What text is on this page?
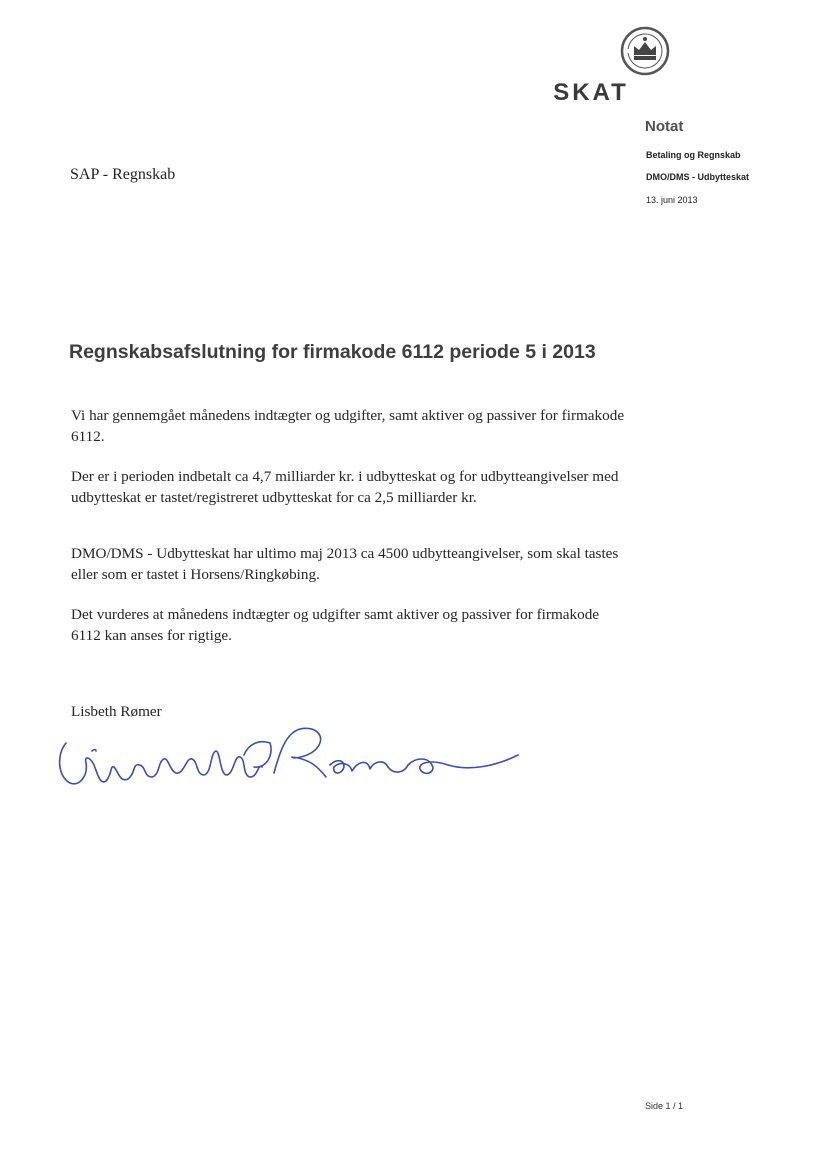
SKAT

Notat

Betaling og Regnskab

DMO/DMS - Udbytteskat

13. juni 2013

SAP - Regnskab

Regnskabsafslutning for firmakode 6112 periode 5 i 2013

Vi har gennemgået månedens indtægter og udgifter, samt aktiver og passiver for firmakode 6112.

Der er i perioden indbetalt ca 4,7 milliarder kr. i udbytteskat og for udbytteangivelser med udbytteskat er tastet/registreret udbytteskat for ca 2,5 milliarder kr.

DMO/DMS - Udbytteskat har ultimo maj 2013 ca 4500 udbytteangivelser, som skal tastes eller som er tastet i Horsens/Ringkøbing.

Det vurderes at månedens indtægter og udgifter samt aktiver og passiver for firmakode 6112 kan anses for rigtige.

Lisbeth Rømer

Side 1 / 1
